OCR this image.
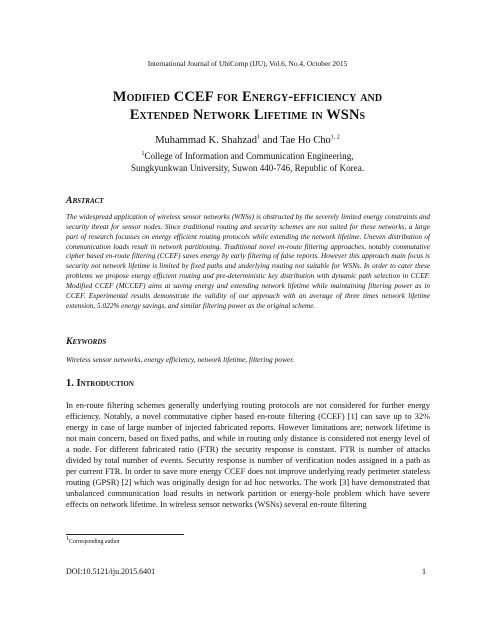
International Journal of UbiComp (IJU), Vol.6, No.4, October 2015
Modified CCEF for Energy-efficiency and
Extended Network Lifetime in WSNs
Muhammad K. Shahzad$^1$ and Tae Ho Cho$^{1, 2}$
$^1$College of Information and Communication Engineering,
Sungkyunkwan University, Suwon 440-746, Republic of Korea.
Abstract
The widespread application of wireless sensor networks (WNSs) is obstructed by the severely limited energy constraints and security threat for sensor nodes. Since traditional routing and security schemes are not suited for these networks, a large part of research focusses on energy efficient routing protocols while extending the network lifetime. Uneven distribution of communication loads result in network partitioning. Traditional novel en-route filtering approaches, notably commutative cipher based en-route filtering (CCEF) saves energy by early filtering of false reports. However this approach main focus is security not network lifetime is limited by fixed paths and underlying routing not suitable for WSNs. In order to cater these problems we propose energy efficient routing and pre-deterministic key distribution with dynamic path selection in CCEF. Modified CCEF (MCCEF) aims at saving energy and extending network lifetime while maintaining filtering power as in CCEF. Experimental results demonstrate the validity of our approach with an average of three times network lifetime extension, 5.022% energy savings, and similar filtering power as the original scheme.
Keywords
Wireless sensor networks, energy efficiency, network lifetime, filtering power.
1. Introduction
In en-route filtering schemes generally underlying routing protocols are not considered for further energy efficiency. Notably, a novel commutative cipher based en-route filtering (CCEF) [1] can save up to 32% energy in case of large number of injected fabricated reports. However limitations are; network lifetime is not main concern, based on fixed paths, and while in routing only distance is considered not energy level of a node. For different fabricated ratio (FTR) the security response is constant. FTR is number of attacks divided by total number of events. Security response is number of verification nodes assigned in a path as per current FTR. In order to save more energy CCEF does not improve underlying ready perimeter stateless routing (GPSR) [2] which was originally design for ad hoc networks. The work [3] have demonstrated that unbalanced communication load results in network partition or energy-hole problem which have severe effects on network lifetime. In wireless sensor networks (WSNs) several en-route filtering
$^1$Corresponding author
DOI:10.5121/iju.2015.6401	1
